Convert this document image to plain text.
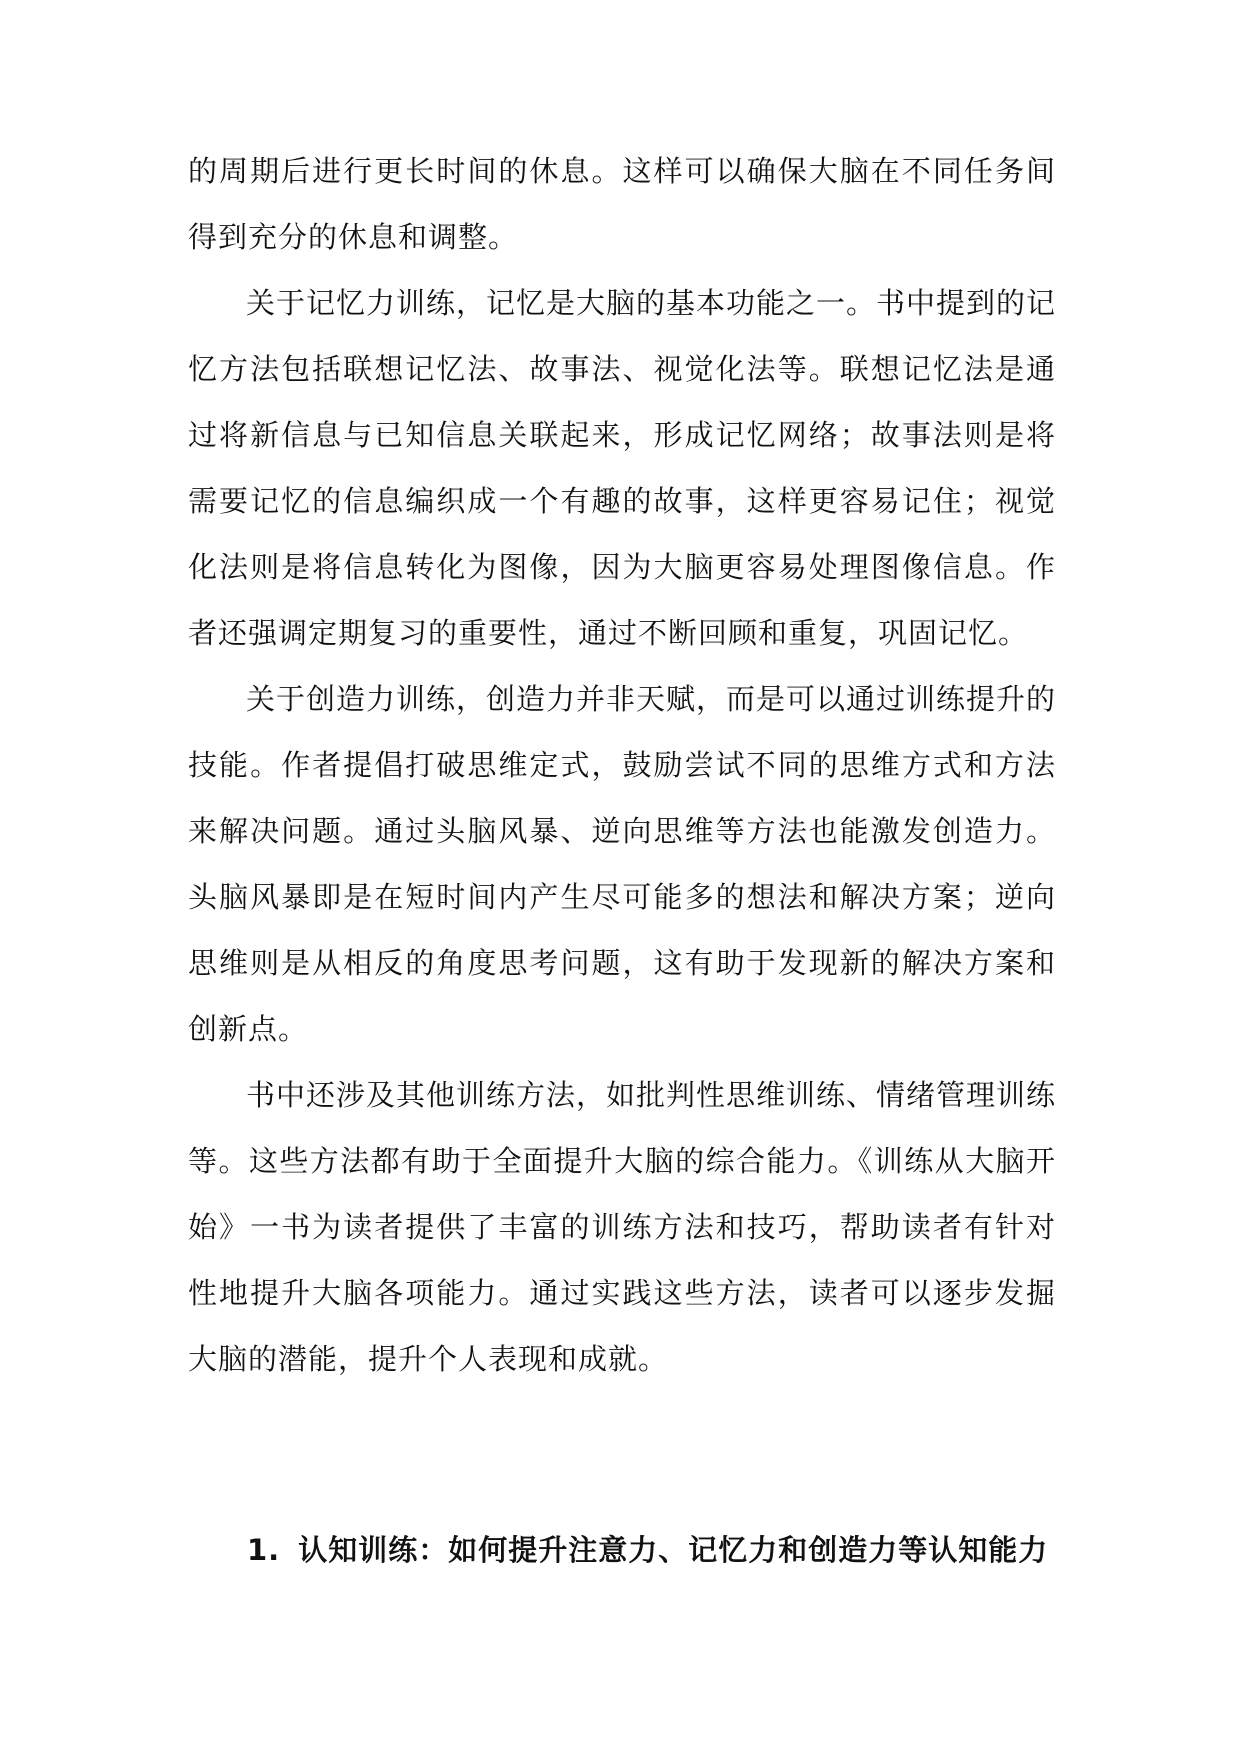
的周期后进行更长时间的休息。这样可以确保大脑在不同任务间得到充分的休息和调整。

关于记忆力训练，记忆是大脑的基本功能之一。书中提到的记忆方法包括联想记忆法、故事法、视觉化法等。联想记忆法是通过将新信息与已知信息关联起来，形成记忆网络；故事法则是将需要记忆的信息编织成一个有趣的故事，这样更容易记住；视觉化法则是将信息转化为图像，因为大脑更容易处理图像信息。作者还强调定期复习的重要性，通过不断回顾和重复，巩固记忆。

关于创造力训练，创造力并非天赋，而是可以通过训练提升的技能。作者提倡打破思维定式，鼓励尝试不同的思维方式和方法来解决问题。通过头脑风暴、逆向思维等方法也能激发创造力。头脑风暴即是在短时间内产生尽可能多的想法和解决方案；逆向思维则是从相反的角度思考问题，这有助于发现新的解决方案和创新点。

书中还涉及其他训练方法，如批判性思维训练、情绪管理训练等。这些方法都有助于全面提升大脑的综合能力。《训练从大脑开始》一书为读者提供了丰富的训练方法和技巧，帮助读者有针对性地提升大脑各项能力。通过实践这些方法，读者可以逐步发掘大脑的潜能，提升个人表现和成就。

1. 认知训练：如何提升注意力、记忆力和创造力等认知能力
